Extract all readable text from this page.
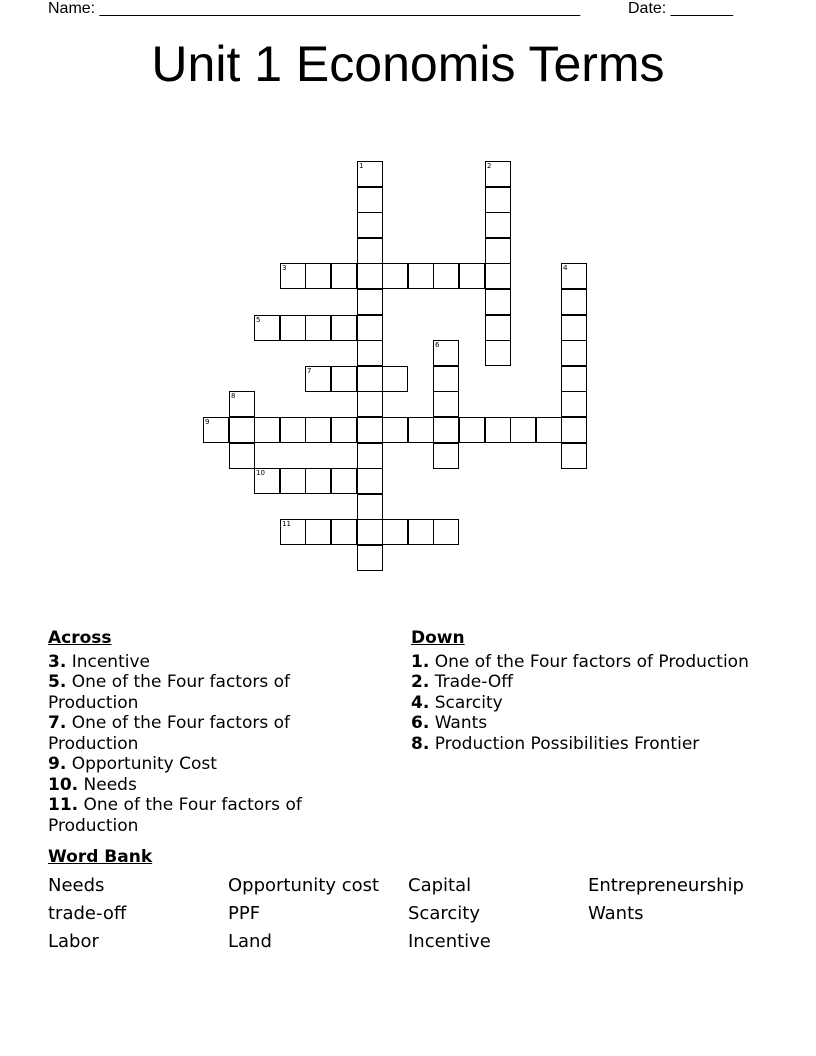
Name: ______________________________________________________	Date: _______
Unit 1 Economis Terms
1	2
3	4
5
6
7
8
9
10
11
Across
3. Incentive
5. One of the Four factors of Production
7. One of the Four factors of Production
9. Opportunity Cost
10. Needs
11. One of the Four factors of Production
Down
1. One of the Four factors of Production
2. Trade-Off
4. Scarcity
6. Wants
8. Production Possibilities Frontier
Word Bank
Needs	Opportunity cost	Capital	Entrepreneurship
trade-off	PPF	Scarcity	Wants
Labor	Land	Incentive
